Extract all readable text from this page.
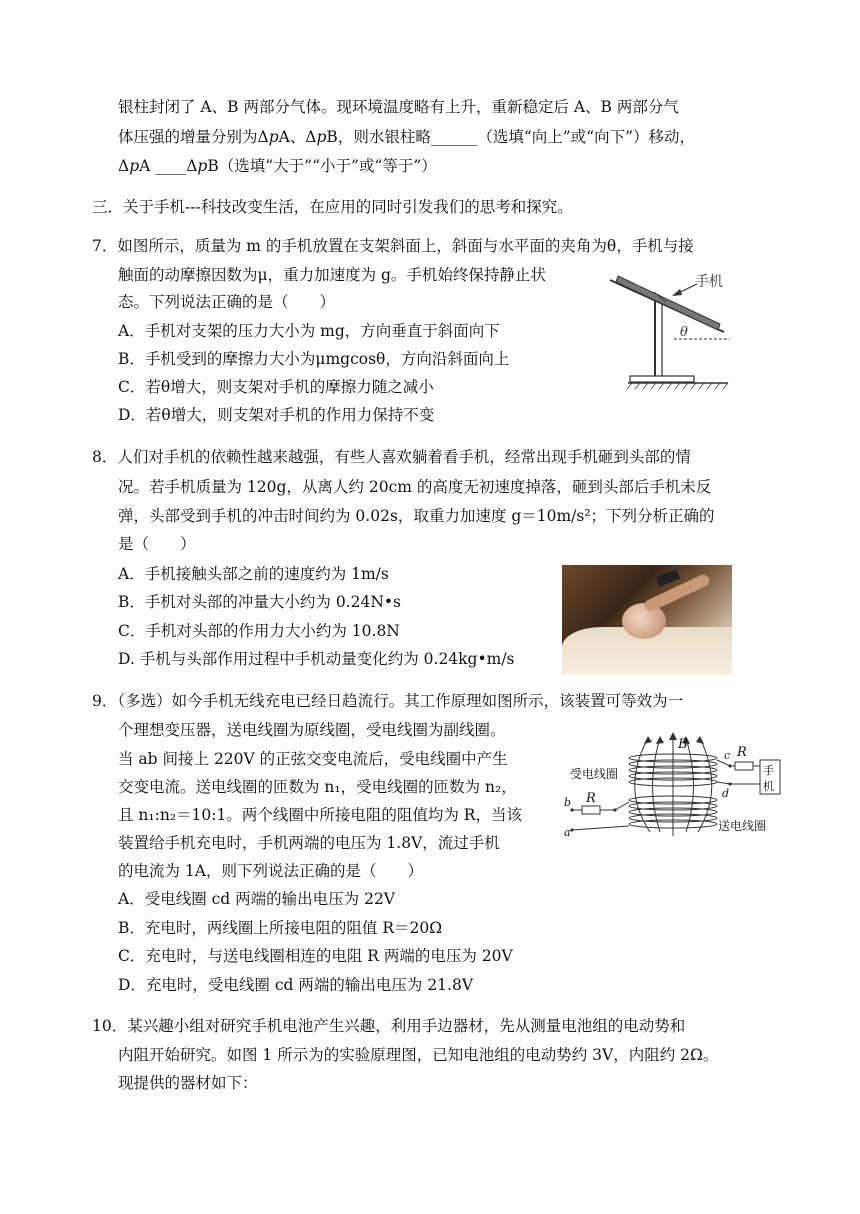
银柱封闭了 A、B 两部分气体。现环境温度略有上升，重新稳定后 A、B 两部分气
体压强的增量分别为Δ𝑝A、Δ𝑝B，则水银柱略______（选填“向上”或“向下”）移动，
Δ𝑝A ____Δ𝑝B（选填“大于”“小于”或“等于”）
三．关于手机---科技改变生活，在应用的同时引发我们的思考和探究。
7．如图所示，质量为 m 的手机放置在支架斜面上，斜面与水平面的夹角为θ，手机与接
触面的动摩擦因数为μ，重力加速度为 g。手机始终保持静止状
态。下列说法正确的是（　　）
A．手机对支架的压力大小为 mg，方向垂直于斜面向下
B．手机受到的摩擦力大小为μmgcosθ，方向沿斜面向上
C．若θ增大，则支架对手机的摩擦力随之减小
D．若θ增大，则支架对手机的作用力保持不变
手机
θ
8．人们对手机的依赖性越来越强，有些人喜欢躺着看手机，经常出现手机砸到头部的情
况。若手机质量为 120g，从离人约 20cm 的高度无初速度掉落，砸到头部后手机未反
弹，头部受到手机的冲击时间约为 0.02s，取重力加速度 g＝10m/s²；下列分析正确的
是（　　）
A．手机接触头部之前的速度约为 1m/s
B．手机对头部的冲量大小约为 0.24N•s
C．手机对头部的作用力大小约为 10.8N
D. 手机与头部作用过程中手机动量变化约为 0.24kg•m/s
9．（多选）如今手机无线充电已经日趋流行。其工作原理如图所示，该装置可等效为一
个理想变压器，送电线圈为原线圈，受电线圈为副线圈。
当 ab 间接上 220V 的正弦交变电流后，受电线圈中产生
交变电流。送电线圈的匝数为 n₁，受电线圈的匝数为 n₂，
且 n₁:n₂＝10:1。两个线圈中所接电阻的阻值均为 R，当该
装置给手机充电时，手机两端的电压为 1.8V，流过手机
的电流为 1A，则下列说法正确的是（　　）
A．受电线圈 cd 两端的输出电压为 22V
B．充电时，两线圈上所接电阻的阻值 R＝20Ω
C．充电时，与送电线圈相连的电阻 R 两端的电压为 20V
D．充电时，受电线圈 cd 两端的输出电压为 21.8V
B
c
d
R
手
机
受电线圈
送电线圈
b
a
R
10．某兴趣小组对研究手机电池产生兴趣，利用手边器材，先从测量电池组的电动势和
内阻开始研究。如图 1 所示为的实验原理图，已知电池组的电动势约 3V，内阻约 2Ω。
现提供的器材如下：
